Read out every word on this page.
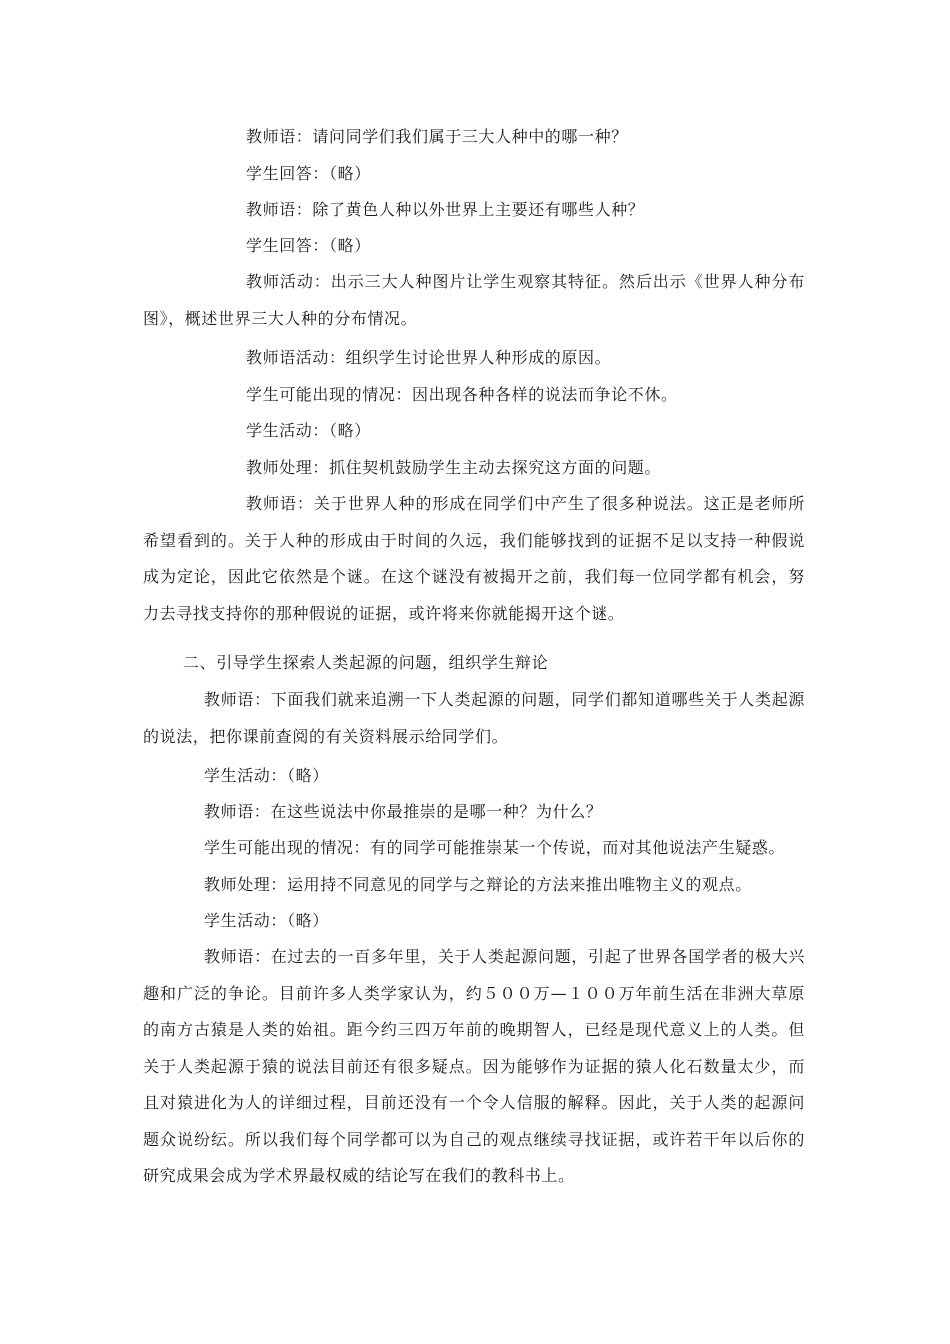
教师语：请问同学们我们属于三大人种中的哪一种？
学生回答：（略）
教师语：除了黄色人种以外世界上主要还有哪些人种？
学生回答：（略）
教师活动：出示三大人种图片让学生观察其特征。然后出示《世界人种分布图》，概述世界三大人种的分布情况。
教师语活动：组织学生讨论世界人种形成的原因。
学生可能出现的情况：因出现各种各样的说法而争论不休。
学生活动：（略）
教师处理：抓住契机鼓励学生主动去探究这方面的问题。
教师语：关于世界人种的形成在同学们中产生了很多种说法。这正是老师所希望看到的。关于人种的形成由于时间的久远，我们能够找到的证据不足以支持一种假说成为定论，因此它依然是个谜。在这个谜没有被揭开之前，我们每一位同学都有机会，努力去寻找支持你的那种假说的证据，或许将来你就能揭开这个谜。
二、引导学生探索人类起源的问题，组织学生辩论
教师语：下面我们就来追溯一下人类起源的问题，同学们都知道哪些关于人类起源的说法，把你课前查阅的有关资料展示给同学们。
学生活动：（略）
教师语：在这些说法中你最推崇的是哪一种？为什么？
学生可能出现的情况：有的同学可能推崇某一个传说，而对其他说法产生疑惑。
教师处理：运用持不同意见的同学与之辩论的方法来推出唯物主义的观点。
学生活动：（略）
教师语：在过去的一百多年里，关于人类起源问题，引起了世界各国学者的极大兴趣和广泛的争论。目前许多人类学家认为，约５００万—１００万年前生活在非洲大草原的南方古猿是人类的始祖。距今约三四万年前的晚期智人，已经是现代意义上的人类。但关于人类起源于猿的说法目前还有很多疑点。因为能够作为证据的猿人化石数量太少，而且对猿进化为人的详细过程，目前还没有一个令人信服的解释。因此，关于人类的起源问题众说纷纭。所以我们每个同学都可以为自己的观点继续寻找证据，或许若干年以后你的研究成果会成为学术界最权威的结论写在我们的教科书上。
